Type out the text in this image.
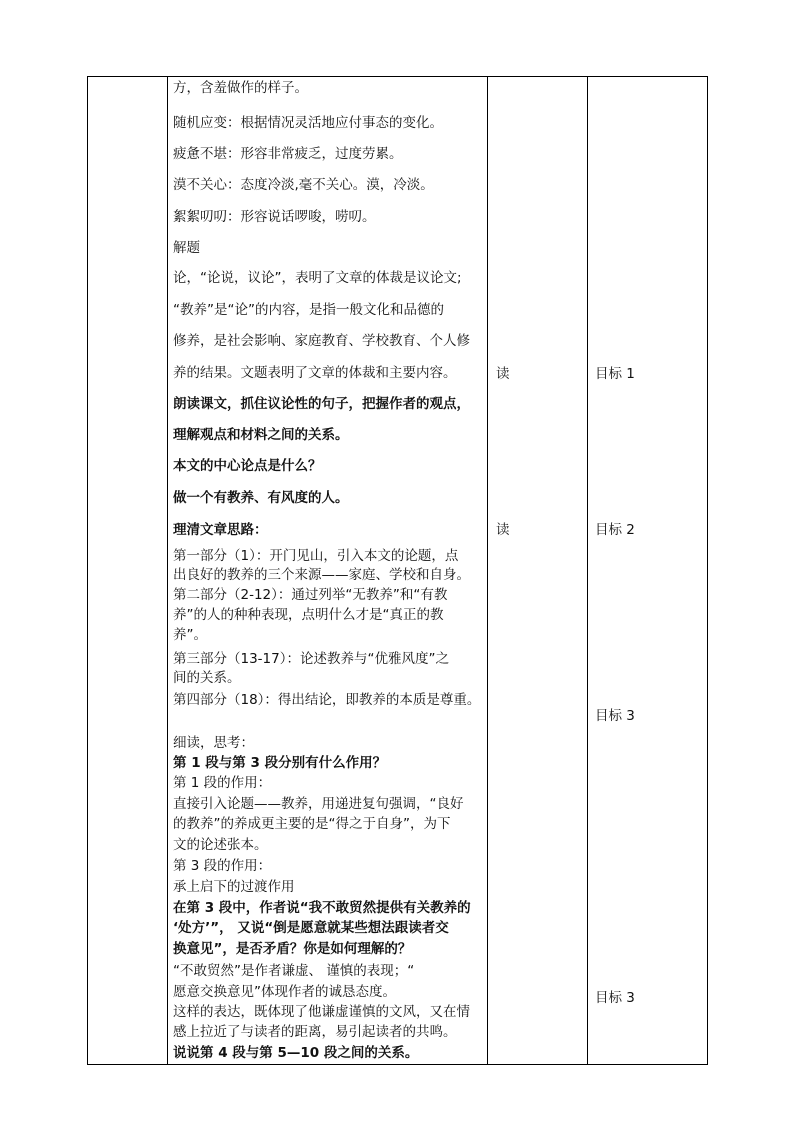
方，含羞做作的样子。
随机应变：根据情况灵活地应付事态的变化。
疲惫不堪：形容非常疲乏，过度劳累。
漠不关心：态度冷淡,毫不关心。漠，冷淡。
絮絮叨叨：形容说话啰唆，唠叨。
解题
论，“论说，议论”，表明了文章的体裁是议论文;
“教养”是“论”的内容，是指一般文化和品德的
修养，是社会影响、家庭教育、学校教育、个人修
养的结果。文题表明了文章的体裁和主要内容。
朗读课文，抓住议论性的句子，把握作者的观点，
理解观点和材料之间的关系。
本文的中心论点是什么？
做一个有教养、有风度的人。
理清文章思路：
第一部分（1）：开门见山，引入本文的论题，点
出良好的教养的三个来源——家庭、学校和自身。
第二部分（2-12）：通过列举“无教养”和“有教
养”的人的种种表现，点明什么才是“真正的教
养”。
第三部分（13-17）：论述教养与“优雅风度”之
间的关系。
第四部分（18）：得出结论，即教养的本质是尊重。
细读，思考：
第 1 段与第 3 段分别有什么作用？
第 1 段的作用：
直接引入论题——教养，用递进复句强调，“良好
的教养”的养成更主要的是“得之于自身”，为下
文的论述张本。
第 3 段的作用：
承上启下的过渡作用
在第 3 段中，作者说“我不敢贸然提供有关教养的
‘处方’”， 又说“倒是愿意就某些想法跟读者交
换意见”，是否矛盾？你是如何理解的？
“不敢贸然”是作者谦虚、 谨慎的表现；“
愿意交换意见”体现作者的诚恳态度。
这样的表达，既体现了他谦虚谨慎的文风，又在情
感上拉近了与读者的距离，易引起读者的共鸣。
说说第 4 段与第 5—10 段之间的关系。
读
读
目标 1
目标 2
目标 3
目标 3
